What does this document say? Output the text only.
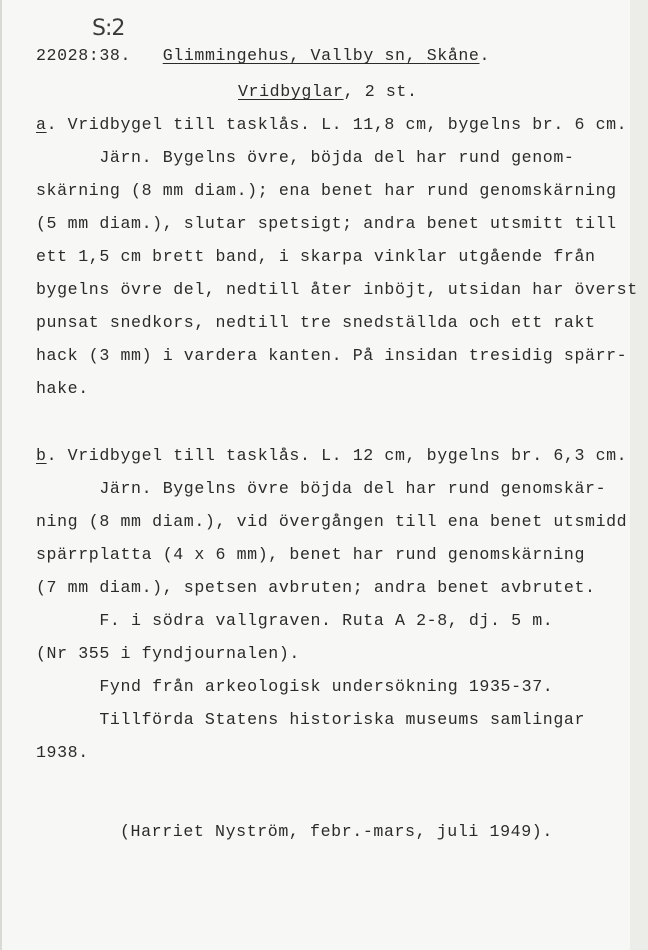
S:2
22028:38. Glimmingehus, Vallby sn, Skåne.
Vridbyglar, 2 st.
a. Vridbygel till tasklås. L. 11,8 cm, bygelns br. 6 cm.
Järn. Bygelns övre, böjda del har rund genom-
skärning (8 mm diam.); ena benet har rund genomskärning
(5 mm diam.), slutar spetsigt; andra benet utsmitt till
ett 1,5 cm brett band, i skarpa vinklar utgående från
bygelns övre del, nedtill åter inböjt, utsidan har överst
punsat snedkors, nedtill tre snedställda och ett rakt
hack (3 mm) i vardera kanten. På insidan tresidig spärr-
hake.
b. Vridbygel till tasklås. L. 12 cm, bygelns br. 6,3 cm.
Järn. Bygelns övre böjda del har rund genomskär-
ning (8 mm diam.), vid övergången till ena benet utsmidd
spärrplatta (4 x 6 mm), benet har rund genomskärning
(7 mm diam.), spetsen avbruten; andra benet avbrutet.
F. i södra vallgraven. Ruta A 2-8, dj. 5 m.
(Nr 355 i fyndjournalen).
Fynd från arkeologisk undersökning 1935-37.
Tillförda Statens historiska museums samlingar
1938.
(Harriet Nyström, febr.-mars, juli 1949).
